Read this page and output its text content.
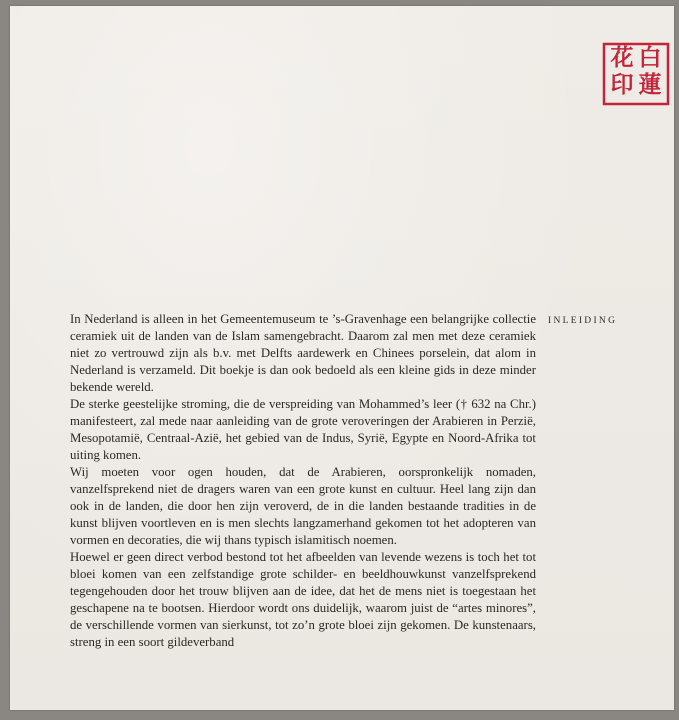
白
蓮
花
印

In Nederland is alleen in het Gemeentemuseum te ’s-Gravenhage een belangrijke collectie ceramiek uit de landen van de Islam samengebracht. Daarom zal men met deze ceramiek niet zo vertrouwd zijn als b.v. met Delfts aardewerk en Chinees porselein, dat alom in Nederland is verzameld. Dit boekje is dan ook bedoeld als een kleine gids in deze minder bekende wereld.

De sterke geestelijke stroming, die de verspreiding van Mohammed’s leer († 632 na Chr.) manifesteert, zal mede naar aanleiding van de grote veroveringen der Arabieren in Perzië, Mesopotamië, Centraal-Azië, het gebied van de Indus, Syrië, Egypte en Noord-Afrika tot uiting komen.

Wij moeten voor ogen houden, dat de Arabieren, oorspronkelijk nomaden, vanzelfsprekend niet de dragers waren van een grote kunst en cultuur. Heel lang zijn dan ook in de landen, die door hen zijn veroverd, de in die landen bestaande tradities in de kunst blijven voortleven en is men slechts langzamerhand gekomen tot het adopteren van vormen en decoraties, die wij thans typisch islamitisch noemen.

Hoewel er geen direct verbod bestond tot het afbeelden van levende wezens is toch het tot bloei komen van een zelfstandige grote schilder- en beeldhouwkunst vanzelfsprekend tegengehouden door het trouw blijven aan de idee, dat het de mens niet is toegestaan het geschapene na te bootsen. Hierdoor wordt ons duidelijk, waarom juist de “artes minores”, de verschillende vormen van sierkunst, tot zo’n grote bloei zijn gekomen. De kunstenaars, streng in een soort gildeverband

INLEIDING
